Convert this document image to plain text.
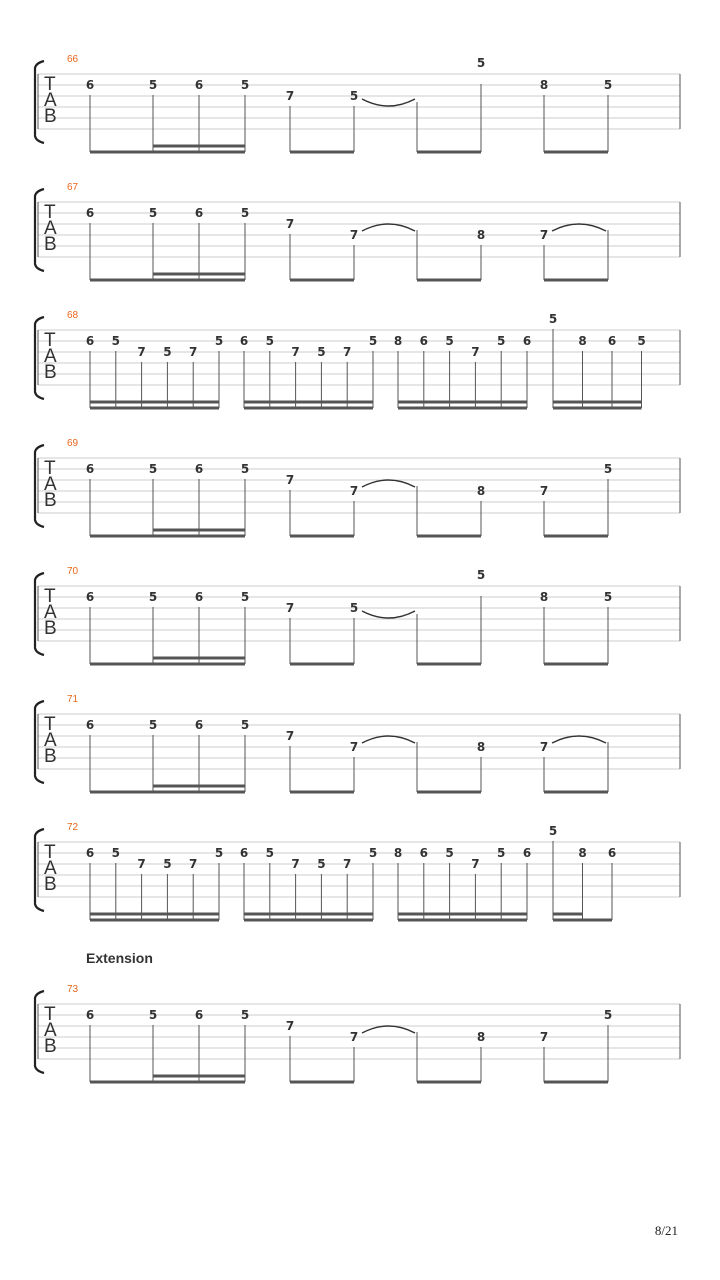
66
T
A
B
6	5	6	5
7	5
5
8	5
67
T
A
B
6	5	6	5
7
7	8	7
68
T
A
B
6 5
7 5 7
5 6 5
7 5 7
5 8 6 5
7
5 6
5
8 6 5
69
T
A
B
6	5	6	5
7
7	8	7
5
70
T
A
B
6	5	6	5
7	5
5
8	5
71
T
A
B
6	5	6	5
7
7	8	7
72
T
A
B
6 5
7 5 7
5 6 5
7 5 7
5 8 6 5
7
5 6
5
8 6
Extension
73
T
A
B
6	5	6	5
7
7	8	7
5
8/21
